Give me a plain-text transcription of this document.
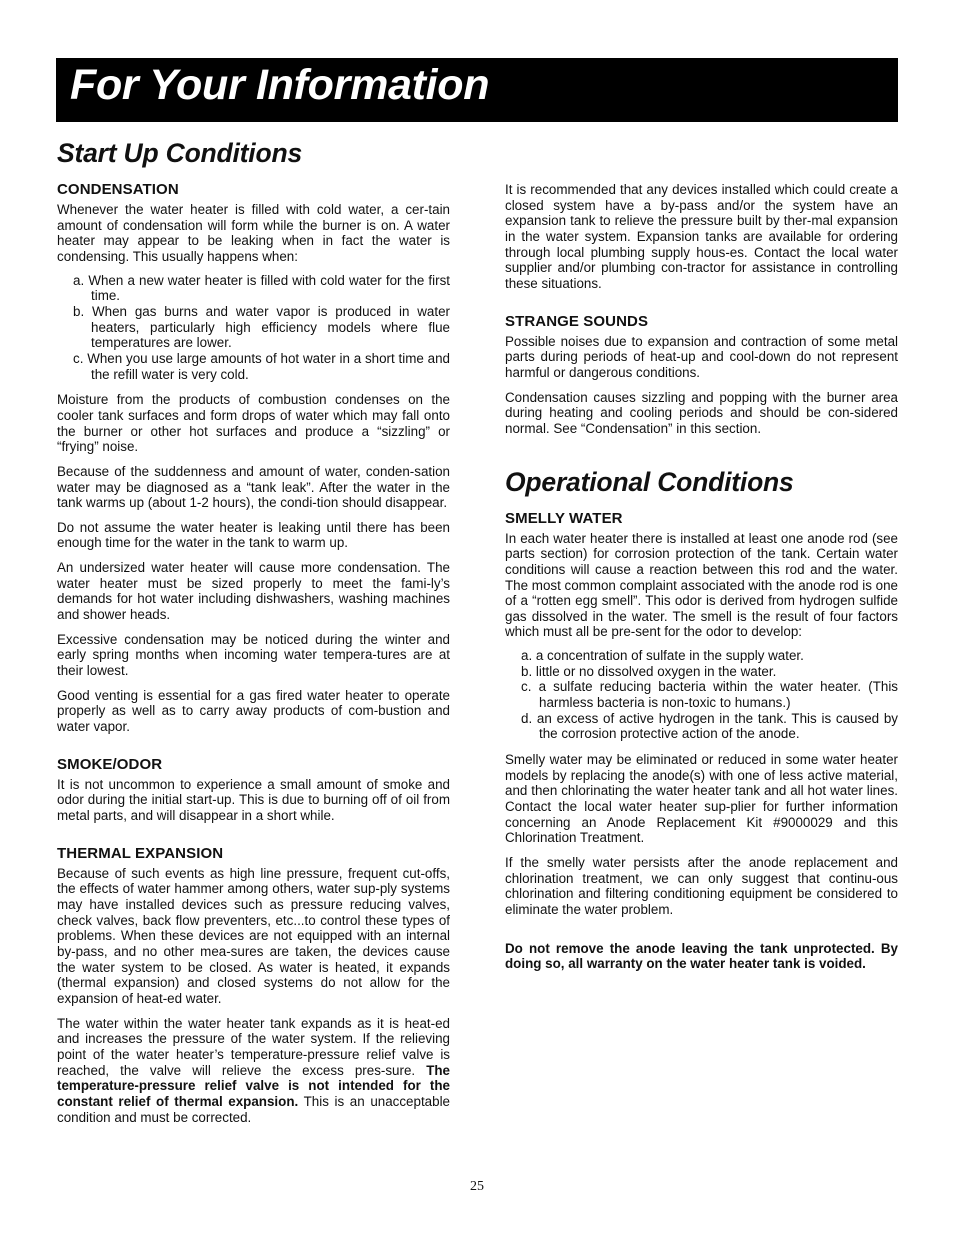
For Your Information
Start Up Conditions
CONDENSATION

Whenever the water heater is filled with cold water, a cer-tain amount of condensation will form while the burner is on. A water heater may appear to be leaking when in fact the water is condensing. This usually happens when:

a. When a new water heater is filled with cold water for the first time.
b. When gas burns and water vapor is produced in water heaters, particularly high efficiency models where flue temperatures are lower.
c. When you use large amounts of hot water in a short time and the refill water is very cold.

Moisture from the products of combustion condenses on the cooler tank surfaces and form drops of water which may fall onto the burner or other hot surfaces and produce a “sizzling” or “frying” noise.

Because of the suddenness and amount of water, conden-sation water may be diagnosed as a “tank leak”. After the water in the tank warms up (about 1-2 hours), the condi-tion should disappear.

Do not assume the water heater is leaking until there has been enough time for the water in the tank to warm up.

An undersized water heater will cause more condensation. The water heater must be sized properly to meet the fami-ly’s demands for hot water including dishwashers, washing machines and shower heads.

Excessive condensation may be noticed during the winter and early spring months when incoming water tempera-tures are at their lowest.

Good venting is essential for a gas fired water heater to operate properly as well as to carry away products of com-bustion and water vapor.

SMOKE/ODOR

It is not uncommon to experience a small amount of smoke and odor during the initial start-up. This is due to burning off of oil from metal parts, and will disappear in a short while.

THERMAL EXPANSION

Because of such events as high line pressure, frequent cut-offs, the effects of water hammer among others, water sup-ply systems may have installed devices such as pressure reducing valves, check valves, back flow preventers, etc...to control these types of problems. When these devices are not equipped with an internal by-pass, and no other mea-sures are taken, the devices cause the water system to be closed. As water is heated, it expands (thermal expansion) and closed systems do not allow for the expansion of heat-ed water.

The water within the water heater tank expands as it is heat-ed and increases the pressure of the water system. If the relieving point of the water heater’s temperature-pressure relief valve is reached, the valve will relieve the excess pres-sure. The temperature-pressure relief valve is not intended for the constant relief of thermal expansion. This is an unacceptable condition and must be corrected.

It is recommended that any devices installed which could create a closed system have a by-pass and/or the system have an expansion tank to relieve the pressure built by ther-mal expansion in the water system. Expansion tanks are available for ordering through local plumbing supply hous-es. Contact the local water supplier and/or plumbing con-tractor for assistance in controlling these situations.

STRANGE SOUNDS

Possible noises due to expansion and contraction of some metal parts during periods of heat-up and cool-down do not represent harmful or dangerous conditions.

Condensation causes sizzling and popping with the burner area during heating and cooling periods and should be con-sidered normal. See “Condensation” in this section.

Operational Conditions
SMELLY WATER

In each water heater there is installed at least one anode rod (see parts section) for corrosion protection of the tank. Certain water conditions will cause a reaction between this rod and the water. The most common complaint associated with the anode rod is one of a “rotten egg smell”. This odor is derived from hydrogen sulfide gas dissolved in the water. The smell is the result of four factors which must all be pre-sent for the odor to develop:

a. a concentration of sulfate in the supply water.
b. little or no dissolved oxygen in the water.
c. a sulfate reducing bacteria within the water heater. (This harmless bacteria is non-toxic to humans.)
d. an excess of active hydrogen in the tank. This is caused by the corrosion protective action of the anode.

Smelly water may be eliminated or reduced in some water heater models by replacing the anode(s) with one of less active material, and then chlorinating the water heater tank and all hot water lines. Contact the local water heater sup-plier for further information concerning an Anode Replacement Kit #9000029 and this Chlorination Treatment.

If the smelly water persists after the anode replacement and chlorination treatment, we can only suggest that continu-ous chlorination and filtering conditioning equipment be considered to eliminate the water problem.

Do not remove the anode leaving the tank unprotected. By doing so, all warranty on the water heater tank is voided.

25
